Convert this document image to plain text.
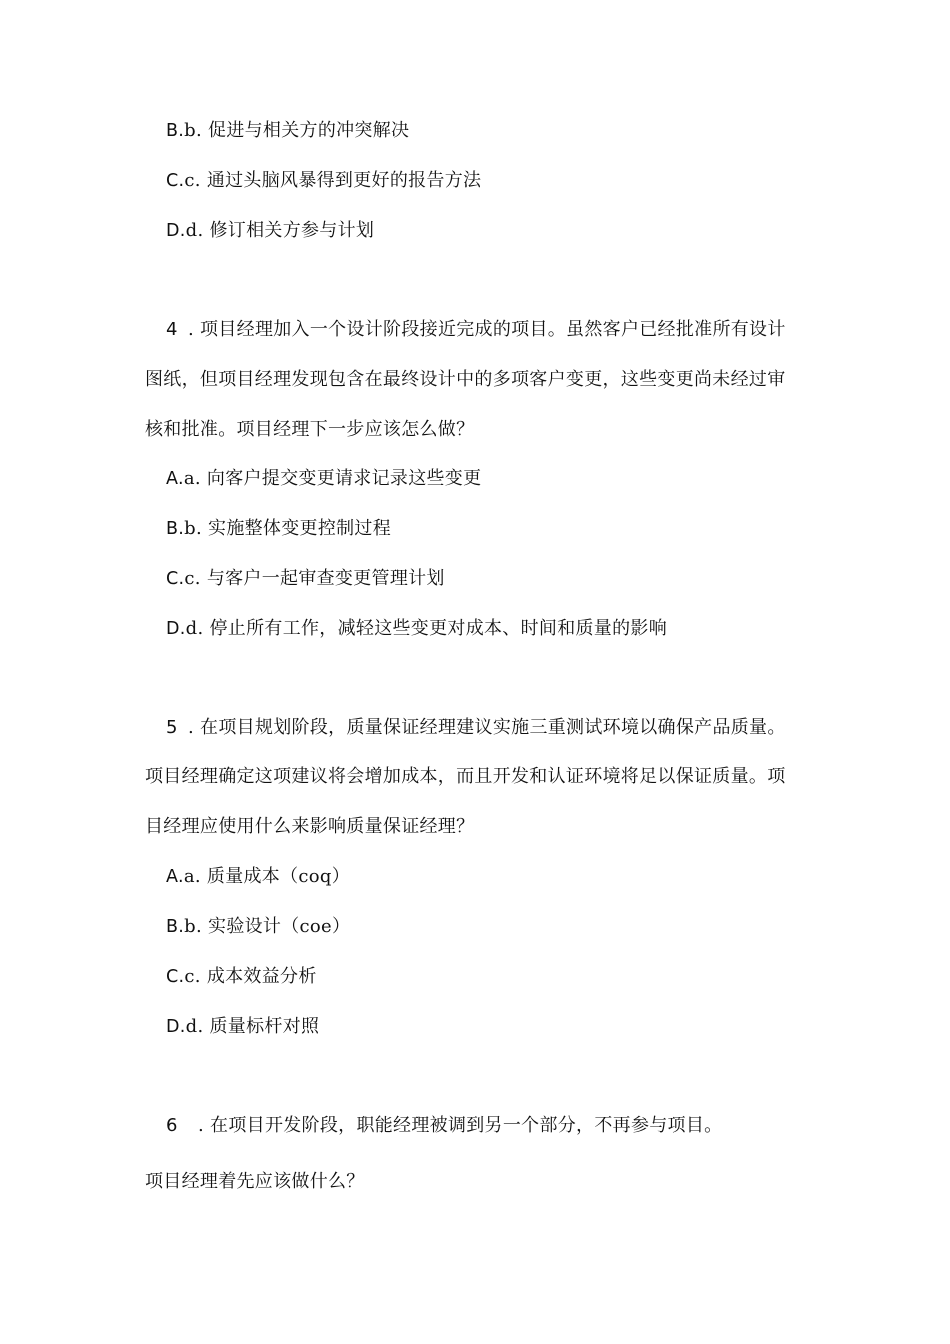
B.b. 促进与相关方的冲突解决
C.c. 通过头脑风暴得到更好的报告方法
D.d. 修订相关方参与计划
4 . 项目经理加入一个设计阶段接近完成的项目。虽然客户已经批准所有设计
图纸，但项目经理发现包含在最终设计中的多项客户变更，这些变更尚未经过审
核和批准。项目经理下一步应该怎么做？
A.a. 向客户提交变更请求记录这些变更
B.b. 实施整体变更控制过程
C.c. 与客户一起审查变更管理计划
D.d. 停止所有工作，减轻这些变更对成本、时间和质量的影响
5 . 在项目规划阶段，质量保证经理建议实施三重测试环境以确保产品质量。
项目经理确定这项建议将会增加成本，而且开发和认证环境将足以保证质量。项
目经理应使用什么来影响质量保证经理？
A.a. 质量成本（coq）
B.b. 实验设计（coe）
C.c. 成本效益分析
D.d. 质量标杆对照
6 . 在项目开发阶段，职能经理被调到另一个部分，不再参与项目。
项目经理着先应该做什么？
